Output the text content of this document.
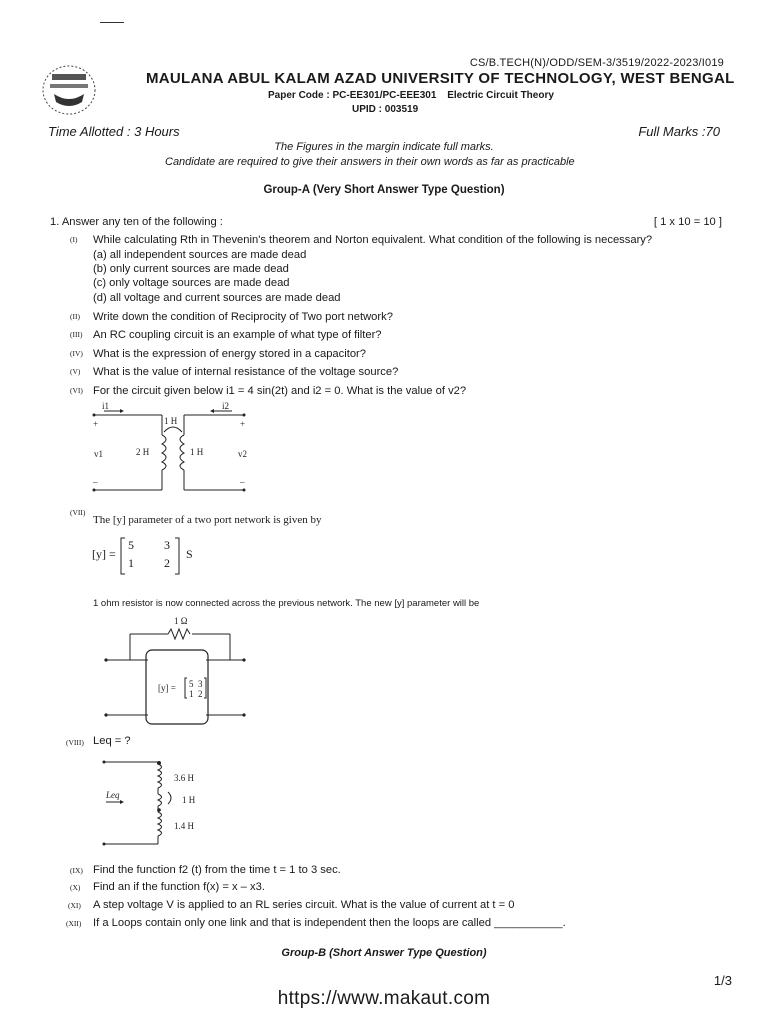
CS/B.TECH(N)/ODD/SEM-3/3519/2022-2023/I019
MAULANA ABUL KALAM AZAD UNIVERSITY OF TECHNOLOGY, WEST BENGAL
Paper Code : PC-EE301/PC-EEE301 Electric Circuit Theory
UPID : 003519
Time Allotted : 3 Hours	Full Marks :70
The Figures in the margin indicate full marks.
Candidate are required to give their answers in their own words as far as practicable
Group-A (Very Short Answer Type Question)
1. Answer any ten of the following :	[ 1 x 10 = 10 ]
(I) While calculating Rth in Thevenin's theorem and Norton equivalent. What condition of the following is necessary?
(a) all independent sources are made dead
(b) only current sources are made dead
(c) only voltage sources are made dead
(d) all voltage and current sources are made dead
(II) Write down the condition of Reciprocity of Two port network?
(III) An RC coupling circuit is an example of what type of filter?
(IV) What is the expression of energy stored in a capacitor?
(V) What is the value of internal resistance of the voltage source?
(VI) For the circuit given below i1 = 4 sin(2t) and i2 = 0. What is the value of v2?
i1	i2
1 H
2 H	1 H
v1	v2
+	+
–	–
(VII)
The [y] parameter of a two port network is given by
[y] =
5	3
1	2
S
1 ohm resistor is now connected across the previous network. The new [y] parameter will be
1 Ω
[y] = 5 3
1 2
(VIII) Leq = ?
3.6 H
1 H
1.4 H
Leq
(IX) Find the function f2 (t) from the time t = 1 to 3 sec.
(X) Find an if the function f(x) = x – x3.
(XI) A step voltage V is applied to an RL series circuit. What is the value of current at t = 0
(XII) If a Loops contain only one link and that is independent then the loops are called ___________.
Group-B (Short Answer Type Question)
1/3
https://www.makaut.com
